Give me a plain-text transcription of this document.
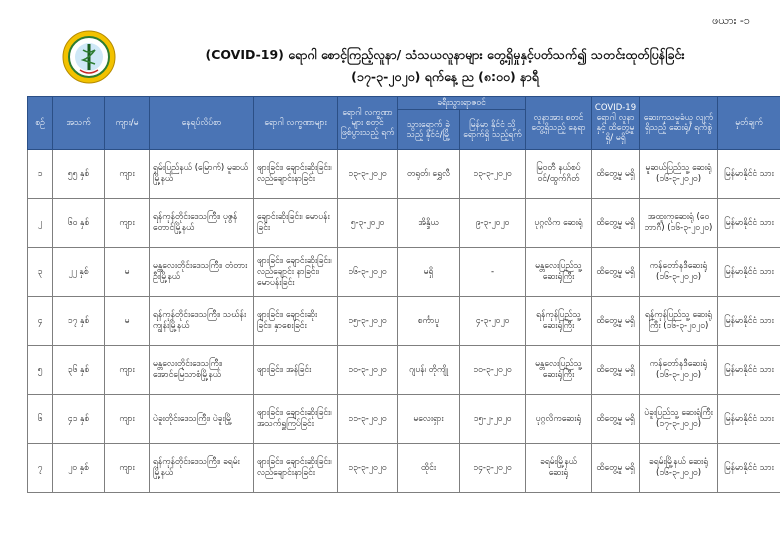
ဖယား -၁
(COVID-19) ရောဂါ စောင့်ကြည့်လူနာ/ သံသယလူနာများ တွေ့ရှိမှုနှင့်ပတ်သက်၍ သတင်းထုတ်ပြန်ခြင်း
(၁၇-၃-၂၀၂၀) ရက်နေ့ ည (၈:၀၀) နာရီ
စဉ်	အသက်	ကျား/မ	နေရပ်လိပ်စာ	ရောဂါ လက္ခဏာများ	ရောဂါ လက္ခဏာများ စတင် ဖြစ်ပွားသည့် ရက်	ခရီးသွားရာဇဝင်		လူနာအား စတင် တွေ့ရှိသည့် နေရာ	COVID-19 ရောဂါ လူနာနှင့် ထိတွေ့မှု ရှိ/ မရှိ	ဆေးကုသမှုခံယူ လျက်ရှိသည့် ဆေးရုံ/ ရက်စွဲ	မှတ်ချက်
						သွားရောက် ခဲ့သည့် နိုင်ငံ/မြို့	မြန်မာ နိုင်ငံ သို့ ရောက်ရှိ သည့်ရက်				
၁	၅၅ နှစ်	ကျား	ရှမ်းပြည်နယ် (မြောက်) မူဆယ်မြို့နယ်	ဖျားခြင်း၊ ချောင်းဆိုးခြင်း၊ လည်ချောင်းနာခြင်း	၁၃-၃-၂၀၂၀	တရုတ်၊ ရွှေလီ	၁၃-၃-၂၀၂၀	မြဝတီ နယ်စပ် ဝင်/ထွက်ဂိတ်	ထိတွေ့မှု မရှိ	မူဆယ်ပြည်သူ့ ဆေးရုံ (၁၆-၃-၂၀၂၀)	မြန်မာနိုင်ငံ သား
၂	၆၀ နှစ်	ကျား	ရန်ကုန်တိုင်းဒေသကြီး၊ ပုဇွန်တောင်မြို့နယ်	ချောင်းဆိုးခြင်း၊ မောပန်းခြင်း	၅-၃-၂၀၂၀	အိန္ဒိယ	၉-၃-၂၀၂၀	ပုဂ္ဂလိက ဆေးရုံ	ထိတွေ့မှု မရှိ	အထူးကုဆေးရုံ (ဝေဘာဂီ) (၁၆-၃-၂၀၂၀)	မြန်မာနိုင်ငံ သား
၃	၂၂ နှစ်	မ	မန္တလေးတိုင်းဒေသကြီး၊ တံတားဦးမြို့နယ်	ဖျားခြင်း၊ ချောင်းဆိုးခြင်း၊ လည်ချောင်း နာခြင်း၊ မောပန်းခြင်း	၁၆-၃-၂၀၂၀	မရှိ	-	မန္တလေးပြည်သူ့ ဆေးရုံကြီး	ထိတွေ့မှု မရှိ	ကန်တော်နဒီဆေးရုံ (၁၆-၃-၂၀၂၀)	မြန်မာနိုင်ငံ သား
၄	၁၇ နှစ်	မ	ရန်ကုန်တိုင်းဒေသကြီး၊ သဃ်န်းကျွန်းမြို့နယ်	ဖျားခြင်း၊ ချောင်းဆိုး ခြင်း၊ နှာစေးခြင်း	၁၅-၃-၂၀၂၀	စင်္ကာပူ	၄-၃-၂၀၂၀	ရန်ကုန်ပြည်သူ့ ဆေးရုံကြီး	ထိတွေ့မှု မရှိ	ရန်ကုန်ပြည်သူ့ ဆေးရုံကြီး (၁၆-၃-၂၀၂၀)	မြန်မာနိုင်ငံ သား
၅	၃၆ နှစ်	ကျား	မန္တလေးတိုင်းဒေသကြီး၊ အောင်မြေသာစံမြို့နယ်	ဖျားခြင်း၊ အန်ခြင်း	၁၀-၃-၂၀၂၀	ဂျပန်၊ တိုကျို	၁၀-၃-၂၀၂၀	မန္တလေးပြည်သူ့ ဆေးရုံကြီး	ထိတွေ့မှု မရှိ	ကန်တော်နဒီဆေးရုံ (၁၆-၃-၂၀၂၀)	မြန်မာနိုင်ငံ သား
၆	၄၁ နှစ်	ကျား	ပဲခူးတိုင်းဒေသကြီး၊ ပဲခူးမြို့	ဖျားခြင်း၊ ချောင်းဆိုးခြင်း၊ အသက်ရှူကြပ်ခြင်း	၁၁-၃-၂၀၂၀	မလေးရှား	၁၅-၂-၂၀၂၀	ပုဂ္ဂလိကဆေးရုံ	ထိတွေ့မှု မရှိ	ပဲခူးပြည်သူ့ ဆေးရုံကြီး (၁၇-၃-၂၀၂၀)	မြန်မာနိုင်ငံ သား
၇	၂၀ နှစ်	ကျား	ရန်ကုန်တိုင်းဒေသကြီး၊ ခရမ်းမြို့နယ်	ဖျားခြင်း၊ ချောင်းဆိုးခြင်း၊ လည်ချောင်းနာခြင်း	၁၃-၃-၂၀၂၀	ထိုင်း	၁၄-၃-၂၀၂၀	ခရမ်းမြို့နယ် ဆေးရုံ	ထိတွေ့မှု မရှိ	ခရမ်းမြို့နယ် ဆေးရုံ (၁၆-၃-၂၀၂၀)	မြန်မာနိုင်ငံ သား
